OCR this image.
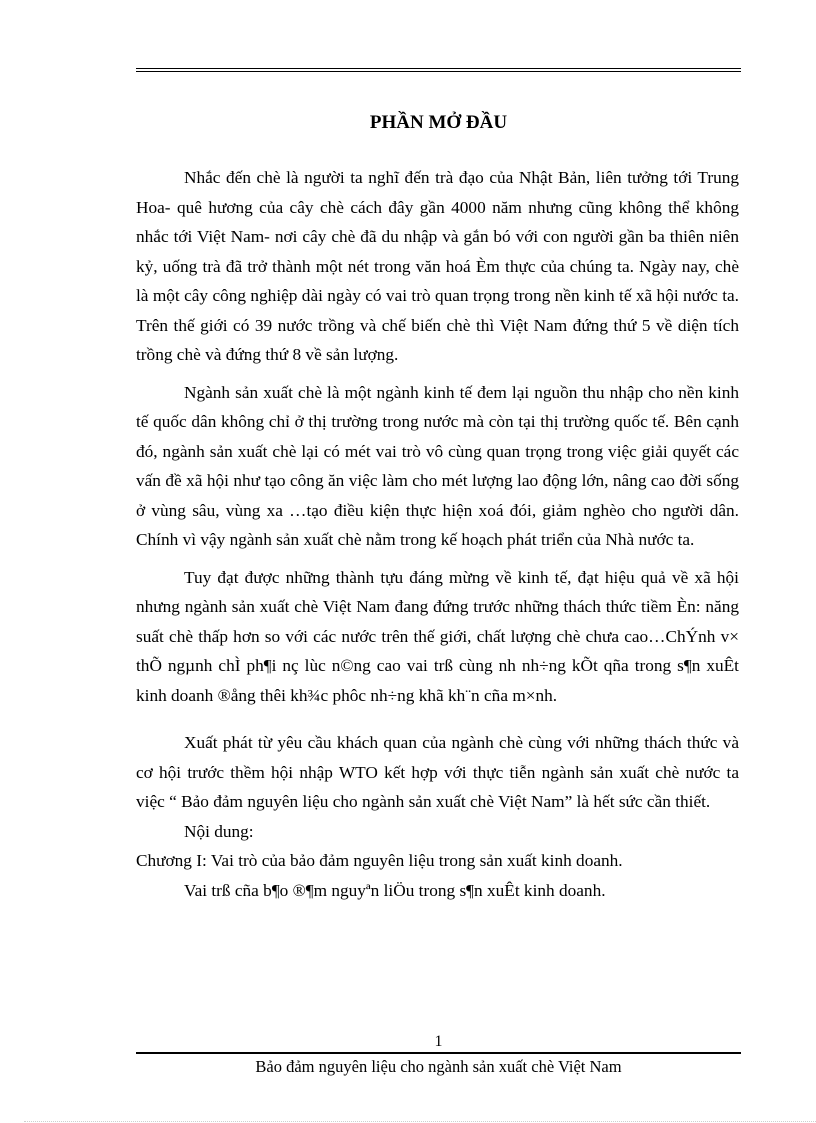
PHẦN MỞ ĐẦU

Nhắc đến chè là người ta nghĩ đến trà đạo của Nhật Bản, liên tưởng tới Trung Hoa- quê hương của cây chè cách đây gần 4000 năm nhưng cũng không thể không nhắc tới Việt Nam- nơi cây chè đã du nhập và gắn bó với con người gần ba thiên niên kỷ, uống trà đã trở thành một nét trong văn hoá Èm thực của chúng ta. Ngày nay, chè là một cây công nghiệp dài ngày có vai trò quan trọng trong nền kinh tế xã hội nước ta. Trên thế giới có 39 nước trồng và chế biến chè thì Việt Nam đứng thứ 5 về diện tích trồng chè và đứng thứ 8 về sản lượng.

Ngành sản xuất chè là một ngành kinh tế đem lại nguồn thu nhập cho nền kinh tế quốc dân không chỉ ở thị trường trong nước mà còn tại thị trường quốc tế. Bên cạnh đó, ngành sản xuất chè lại có mét vai trò vô cùng quan trọng trong việc giải quyết các vấn đề xã hội như tạo công ăn việc làm cho mét lượng lao động lớn, nâng cao đời sống ở vùng sâu, vùng xa …tạo điều kiện thực hiện xoá đói, giảm nghèo cho người dân. Chính vì vậy ngành sản xuất chè nằm trong kế hoạch phát triển của Nhà nước ta.

Tuy đạt được những thành tựu đáng mừng về kinh tế, đạt hiệu quả về xã hội nhưng ngành sản xuất chè Việt Nam đang đứng trước những thách thức tiềm Èn: năng suất chè thấp hơn so với các nước trên thế giới, chất lượng chè chưa cao…ChÝnh v× thÕ ngµnh chÌ ph¶i nç lùc n©ng cao vai trß cùng nh nh÷ng kÕt qña trong s¶n xuÊt kinh doanh ®ång thêi kh¾c phôc nh÷ng khã kh¨n cña m×nh.

Xuất phát từ yêu cầu khách quan của ngành chè cùng với những thách thức và cơ hội trước thềm hội nhập WTO kết hợp với thực tiễn ngành sản xuất chè nước ta việc “ Bảo đảm nguyên liệu cho ngành sản xuất chè Việt Nam” là hết sức cần thiết.

Nội dung:

Chương I: Vai trò của bảo đảm nguyên liệu trong sản xuất kinh doanh.

Vai trß cña b¶o ®¶m nguyªn liÖu trong s¶n xuÊt kinh doanh.

1
Bảo đảm nguyên liệu cho ngành sản xuất chè Việt Nam
